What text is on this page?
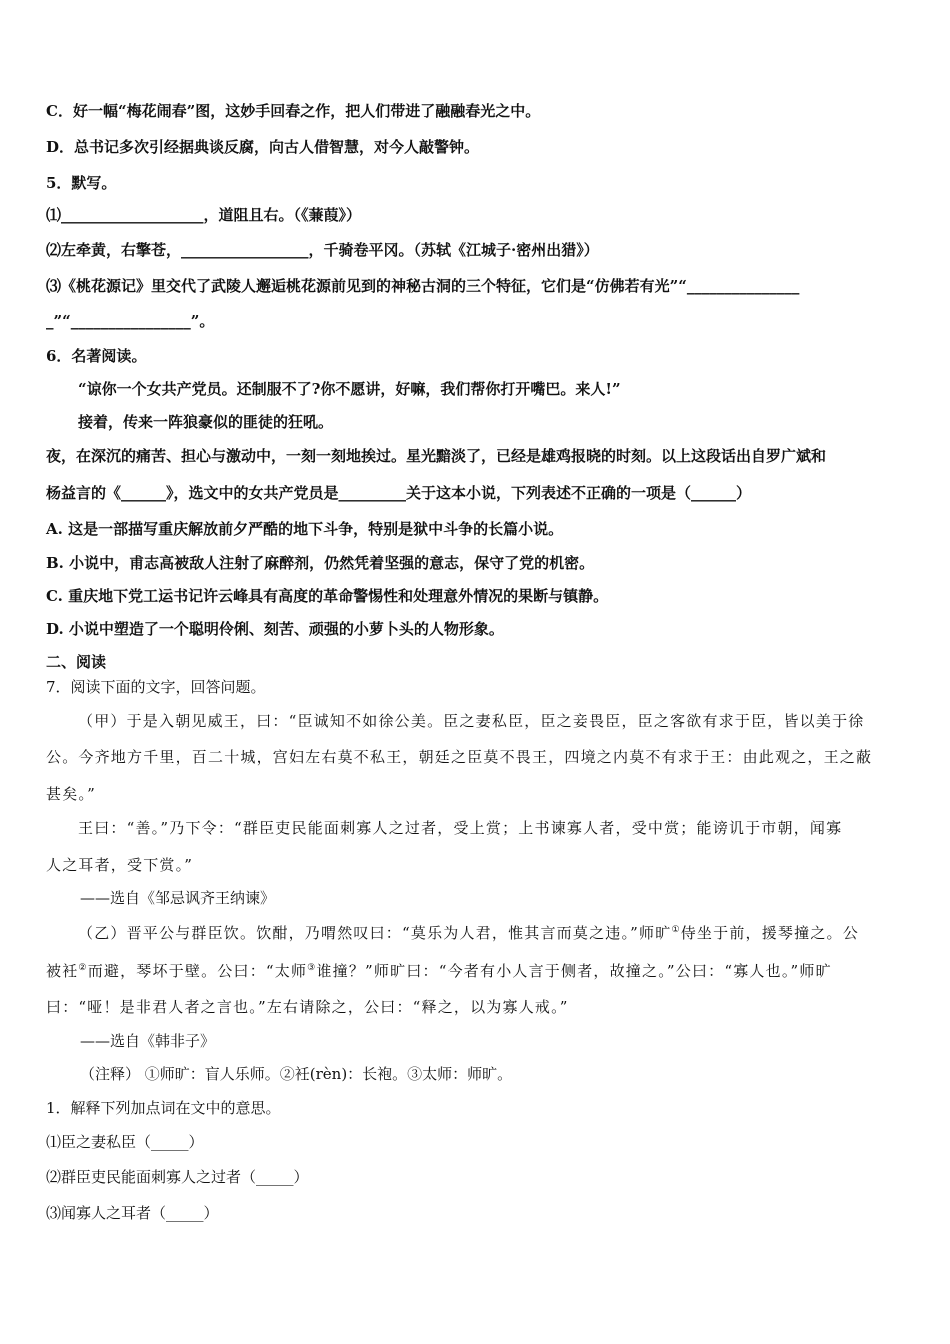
C．好一幅“梅花闹春”图，这妙手回春之作，把人们带进了融融春光之中。
D．总书记多次引经据典谈反腐，向古人借智慧，对今人敲警钟。
5．默写。
⑴___________________，道阻且右。（《蒹葭》）
⑵左牵黄，右擎苍，_________________，千骑卷平冈。（苏轼《江城子·密州出猎》）
⑶《桃花源记》里交代了武陵人邂逅桃花源前见到的神秘古洞的三个特征，它们是“仿佛若有光”“_______________
_”“________________”。
6．名著阅读。
“谅你一个女共产党员。还制服不了?你不愿讲，好嘛，我们帮你打开嘴巴。来人!”
接着，传来一阵狼豪似的匪徒的狂吼。
夜，在深沉的痛苦、担心与激动中，一刻一刻地挨过。星光黯淡了，已经是雄鸡报晓的时刻。以上这段话出自罗广斌和
杨益言的《______》，选文中的女共产党员是_________关于这本小说，下列表述不正确的一项是（______）
A. 这是一部描写重庆解放前夕严酷的地下斗争，特别是狱中斗争的长篇小说。
B. 小说中，甫志高被敌人注射了麻醉剂，仍然凭着坚强的意志，保守了党的机密。
C. 重庆地下党工运书记许云峰具有高度的革命警惕性和处理意外情况的果断与镇静。
D. 小说中塑造了一个聪明伶俐、刻苦、顽强的小萝卜头的人物形象。
二、阅读
7．阅读下面的文字，回答问题。
（甲）于是入朝见威王，曰：“臣诚知不如徐公美。臣之妻私臣，臣之妾畏臣，臣之客欲有求于臣，皆以美于徐
公。今齐地方千里，百二十城，宫妇左右莫不私王，朝廷之臣莫不畏王，四境之内莫不有求于王：由此观之，王之蔽
甚矣。”
王曰：“善。”乃下令：“群臣吏民能面刺寡人之过者，受上赏；上书谏寡人者，受中赏；能谤讥于市朝，闻寡
人之耳者，受下赏。”
——选自《邹忌讽齐王纳谏》
（乙）晋平公与群臣饮。饮酣，乃喟然叹曰：“莫乐为人君，惟其言而莫之违。”师旷①侍坐于前，援琴撞之。公
被衽②而避，琴坏于壁。公曰：“太师③谁撞？”师旷曰：“今者有小人言于侧者，故撞之。”公曰：“寡人也。”师旷
曰：“哑！是非君人者之言也。”左右请除之，公曰：“释之，以为寡人戒。”
——选自《韩非子》
（注释） ①师旷：盲人乐师。②衽(rèn)：长袍。③太师：师旷。
1．解释下列加点词在文中的意思。
⑴臣之妻私臣（_____）
⑵群臣吏民能面刺寡人之过者（_____）
⑶闻寡人之耳者（_____）
